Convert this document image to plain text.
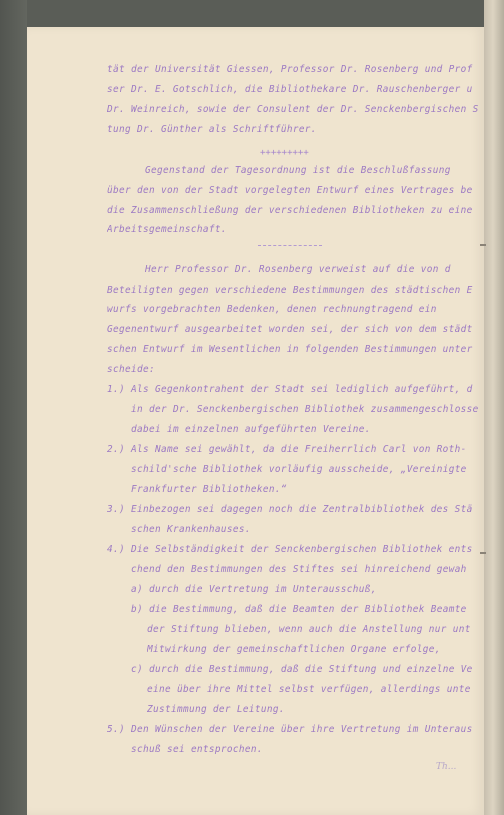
tät der Universität Giessen, Professor Dr. Rosenberg und Prof
ser Dr. E. Gotschlich, die Bibliothekare Dr. Rauschenberger u
Dr. Weinreich, sowie der Consulent der Dr. Senckenbergischen S
tung Dr. Günther als Schriftführer.
+++++++++
Gegenstand der Tagesordnung ist die Beschlußfassung
über den von der Stadt vorgelegten Entwurf eines Vertrages be
die Zusammenschließung der verschiedenen Bibliotheken zu eine
Arbeitsgemeinschaft.
Herr Professor Dr. Rosenberg verweist auf die von d
Beteiligten gegen verschiedene Bestimmungen des städtischen E
wurfs vorgebrachten Bedenken, denen rechnungtragend ein
Gegenentwurf ausgearbeitet worden sei, der sich von dem städt
schen Entwurf im Wesentlichen in folgenden Bestimmungen unter
scheide:
1.) Als Gegenkontrahent der Stadt sei lediglich aufgeführt, d
in der Dr. Senckenbergischen Bibliothek zusammengeschlosse
dabei im einzelnen aufgeführten Vereine.
2.) Als Name sei gewählt, da die Freiherrlich Carl von Roth-
schild'sche Bibliothek vorläufig ausscheide, „Vereinigte
Frankfurter Bibliotheken.“
3.) Einbezogen sei dagegen noch die Zentralbibliothek des Stä
schen Krankenhauses.
4.) Die Selbständigkeit der Senckenbergischen Bibliothek ents
chend den Bestimmungen des Stiftes sei hinreichend gewah
a) durch die Vertretung im Unterausschuß,
b) die Bestimmung, daß die Beamten der Bibliothek Beamte
der Stiftung blieben, wenn auch die Anstellung nur unt
Mitwirkung der gemeinschaftlichen Organe erfolge,
c) durch die Bestimmung, daß die Stiftung und einzelne Ve
eine über ihre Mittel selbst verfügen, allerdings unte
Zustimmung der Leitung.
5.) Den Wünschen der Vereine über ihre Vertretung im Unteraus
schuß sei entsprochen.
Th...
